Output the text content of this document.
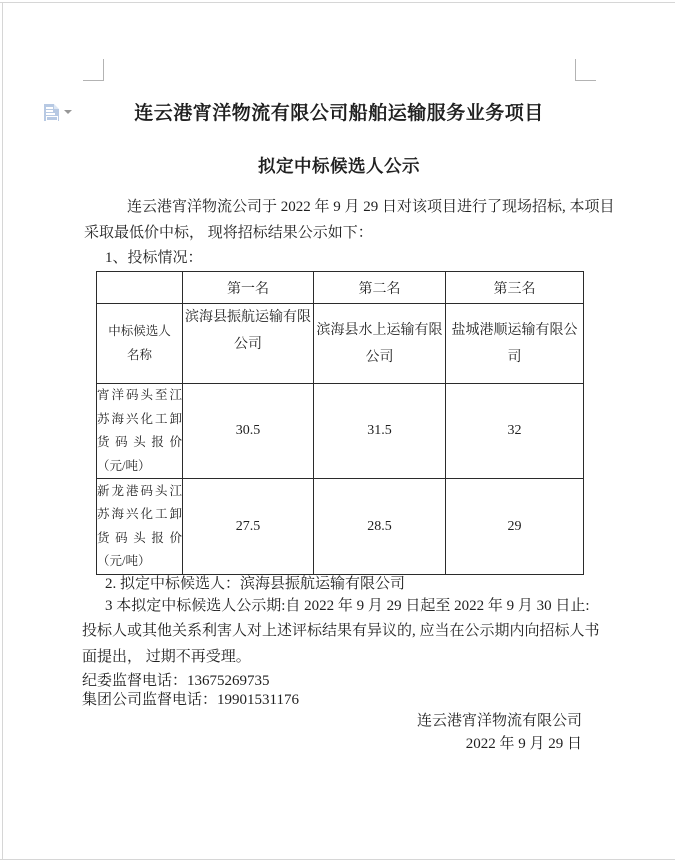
连云港宵洋物流有限公司船舶运输服务业务项目
拟定中标候选人公示
连云港宵洋物流公司于 2022 年 9 月 29 日对该项目进行了现场招标, 本项目
采取最低价中标， 现将招标结果公示如下：
1、投标情况：
	第一名	第二名	第三名

中标候选人
名称	滨海县振航运输有限公司	滨海县水上运输有限公司	盐城港顺运输有限公司

宵洋码头至江
苏海兴化工卸
货码头报价
（元/吨）	30.5	31.5	32

新龙港码头江
苏海兴化工卸
货码头报价
（元/吨）	27.5	28.5	29
2. 拟定中标候选人：滨海县振航运输有限公司
3 本拟定中标候选人公示期:自 2022 年 9 月 29 日起至 2022 年 9 月 30 日止:
投标人或其他关系利害人对上述评标结果有异议的, 应当在公示期内向招标人书
面提出， 过期不再受理。
纪委监督电话：13675269735
集团公司监督电话：19901531176
连云港宵洋物流有限公司
2022 年 9 月 29 日
